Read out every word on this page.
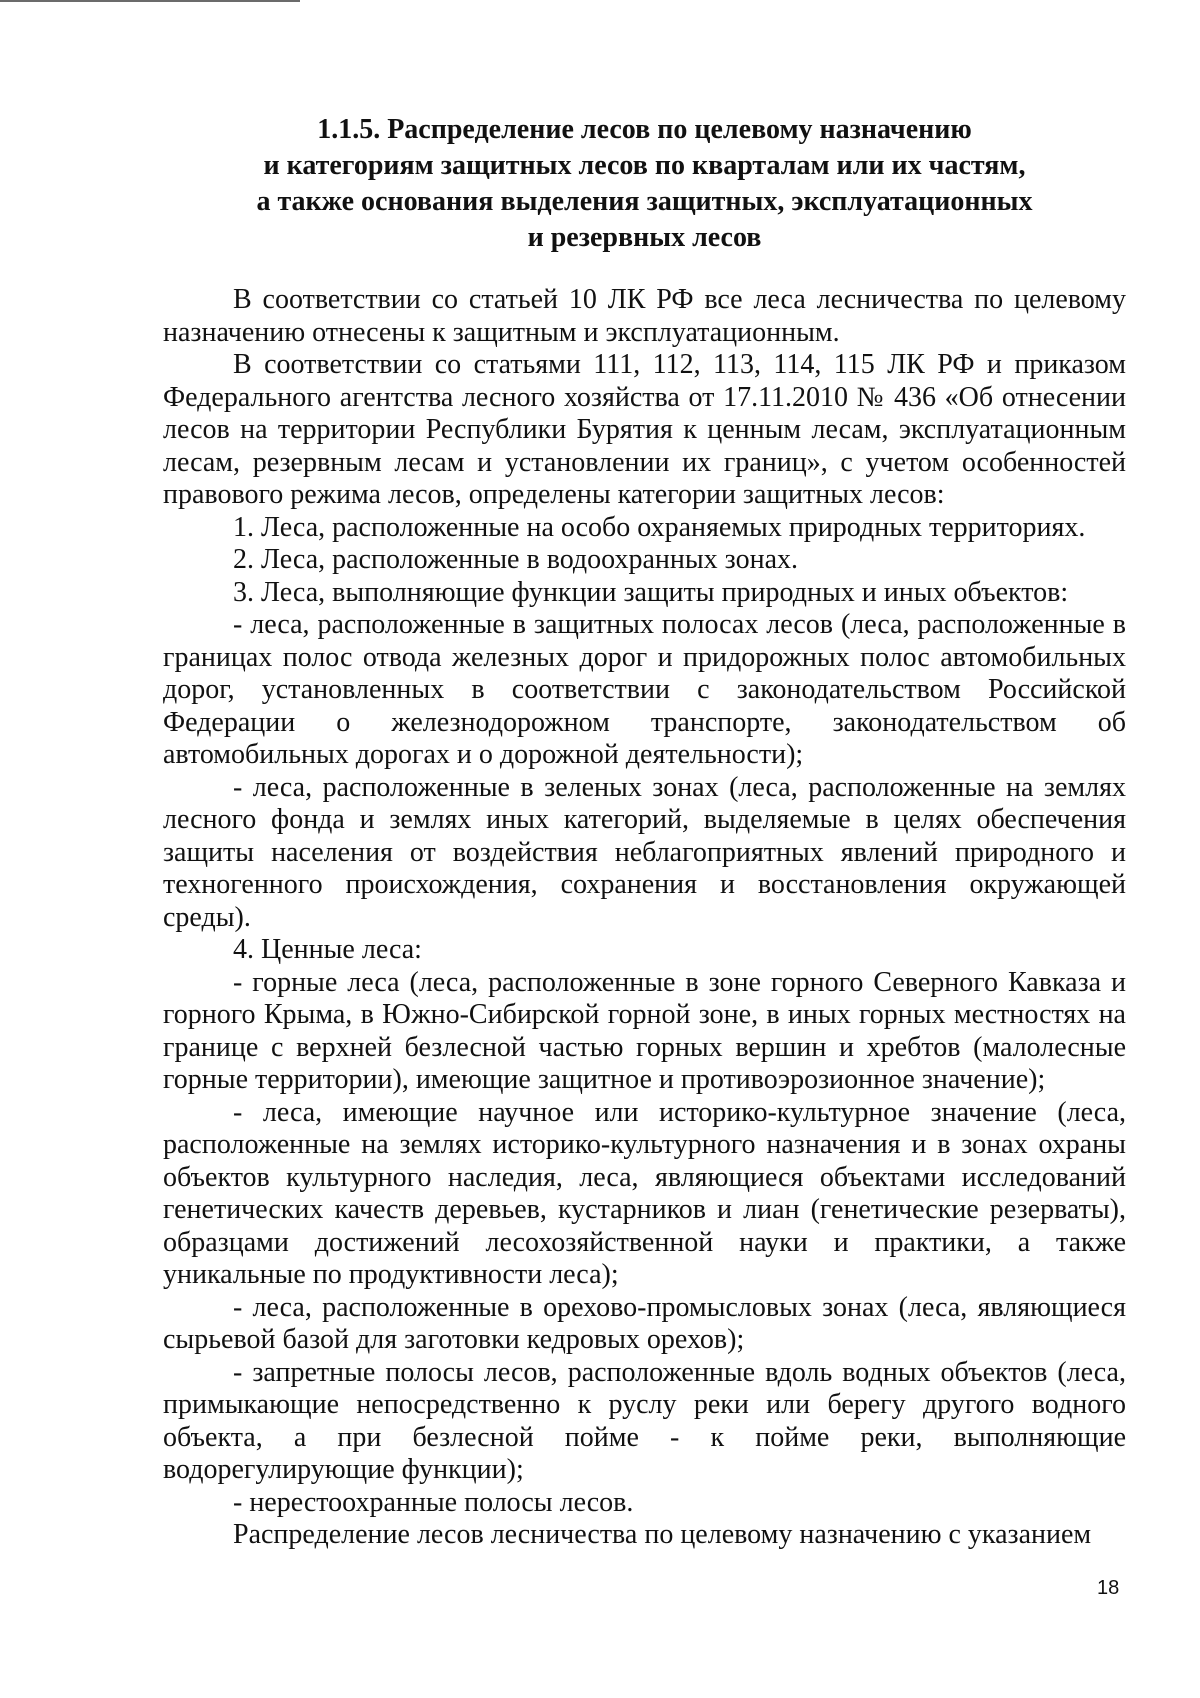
1.1.5. Распределение лесов по целевому назначению
и категориям защитных лесов по кварталам или их частям,
а также основания выделения защитных, эксплуатационных
и резервных лесов

В соответствии со статьей 10 ЛК РФ все леса лесничества по целевому назначению отнесены к защитным и эксплуатационным.

В соответствии со статьями 111, 112, 113, 114, 115 ЛК РФ и приказом Федерального агентства лесного хозяйства от 17.11.2010 № 436 «Об отнесении лесов на территории Республики Бурятия к ценным лесам, эксплуатационным лесам, резервным лесам и установлении их границ», с учетом особенностей правового режима лесов, определены категории защитных лесов:

1. Леса, расположенные на особо охраняемых природных территориях.

2. Леса, расположенные в водоохранных зонах.

3. Леса, выполняющие функции защиты природных и иных объектов:

- леса, расположенные в защитных полосах лесов (леса, расположенные в границах полос отвода железных дорог и придорожных полос автомобильных дорог, установленных в соответствии с законодательством Российской Федерации о железнодорожном транспорте, законодательством об автомобильных дорогах и о дорожной деятельности);

- леса, расположенные в зеленых зонах (леса, расположенные на землях лесного фонда и землях иных категорий, выделяемые в целях обеспечения защиты населения от воздействия неблагоприятных явлений природного и техногенного происхождения, сохранения и восстановления окружающей среды).

4. Ценные леса:

- горные леса (леса, расположенные в зоне горного Северного Кавказа и горного Крыма, в Южно-Сибирской горной зоне, в иных горных местностях на границе с верхней безлесной частью горных вершин и хребтов (малолесные горные территории), имеющие защитное и противоэрозионное значение);

- леса, имеющие научное или историко-культурное значение (леса, расположенные на землях историко-культурного назначения и в зонах охраны объектов культурного наследия, леса, являющиеся объектами исследований генетических качеств деревьев, кустарников и лиан (генетические резерваты), образцами достижений лесохозяйственной науки и практики, а также уникальные по продуктивности леса);

- леса, расположенные в орехово-промысловых зонах (леса, являющиеся сырьевой базой для заготовки кедровых орехов);

- запретные полосы лесов, расположенные вдоль водных объектов (леса, примыкающие непосредственно к руслу реки или берегу другого водного объекта, а при безлесной пойме - к пойме реки, выполняющие водорегулирующие функции);

- нерестоохранные полосы лесов.

Распределение лесов лесничества по целевому назначению с указанием

18
